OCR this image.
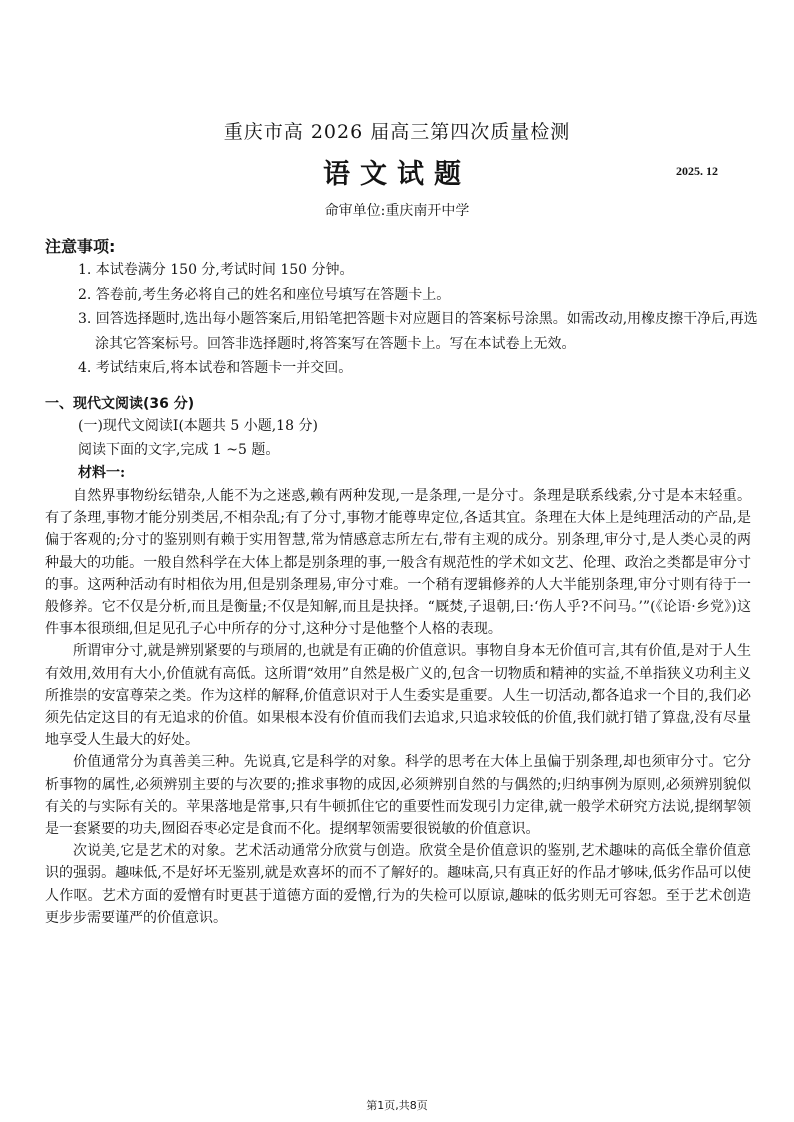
重庆市高 2026 届高三第四次质量检测
语文试题	2025. 12
命审单位:重庆南开中学
注意事项:

1. 本试卷满分 150 分,考试时间 150 分钟。

2. 答卷前,考生务必将自己的姓名和座位号填写在答题卡上。

3. 回答选择题时,选出每小题答案后,用铅笔把答题卡对应题目的答案标号涂黑。如需改动,用橡皮擦干净后,再选涂其它答案标号。回答非选择题时,将答案写在答题卡上。写在本试卷上无效。

4. 考试结束后,将本试卷和答题卡一并交回。

一、现代文阅读(36 分)
(一)现代文阅读Ⅰ(本题共 5 小题,18 分)
阅读下面的文字,完成 1 ~5 题。
材料一:

自然界事物纷纭错杂,人能不为之迷惑,赖有两种发现,一是条理,一是分寸。条理是联系线索,分寸是本末轻重。有了条理,事物才能分别类居,不相杂乱;有了分寸,事物才能尊卑定位,各适其宜。条理在大体上是纯理活动的产品,是偏于客观的;分寸的鉴别则有赖于实用智慧,常为情感意志所左右,带有主观的成分。别条理,审分寸,是人类心灵的两种最大的功能。一般自然科学在大体上都是别条理的事,一般含有规范性的学术如文艺、伦理、政治之类都是审分寸的事。这两种活动有时相依为用,但是别条理易,审分寸难。一个稍有逻辑修养的人大半能别条理,审分寸则有待于一般修养。它不仅是分析,而且是衡量;不仅是知解,而且是抉择。“厩焚,子退朝,曰:‘伤人乎?不问马。’”(《论语·乡党》)这件事本很琐细,但足见孔子心中所存的分寸,这种分寸是他整个人格的表现。

所谓审分寸,就是辨别紧要的与琐屑的,也就是有正确的价值意识。事物自身本无价值可言,其有价值,是对于人生有效用,效用有大小,价值就有高低。这所谓“效用”自然是极广义的,包含一切物质和精神的实益,不单指狭义功利主义所推崇的安富尊荣之类。作为这样的解释,价值意识对于人生委实是重要。人生一切活动,都各追求一个目的,我们必须先估定这目的有无追求的价值。如果根本没有价值而我们去追求,只追求较低的价值,我们就打错了算盘,没有尽量地享受人生最大的好处。

价值通常分为真善美三种。先说真,它是科学的对象。科学的思考在大体上虽偏于别条理,却也须审分寸。它分析事物的属性,必须辨别主要的与次要的;推求事物的成因,必须辨别自然的与偶然的;归纳事例为原则,必须辨别貌似有关的与实际有关的。苹果落地是常事,只有牛顿抓住它的重要性而发现引力定律,就一般学术研究方法说,提纲挈领是一套紧要的功夫,囫囵吞枣必定是食而不化。提纲挈领需要很锐敏的价值意识。

次说美,它是艺术的对象。艺术活动通常分欣赏与创造。欣赏全是价值意识的鉴别,艺术趣味的高低全靠价值意识的强弱。趣味低,不是好坏无鉴别,就是欢喜坏的而不了解好的。趣味高,只有真正好的作品才够味,低劣作品可以使人作呕。艺术方面的爱憎有时更甚于道德方面的爱憎,行为的失检可以原谅,趣味的低劣则无可容恕。至于艺术创造更步步需要谨严的价值意识。

第1页,共8页
